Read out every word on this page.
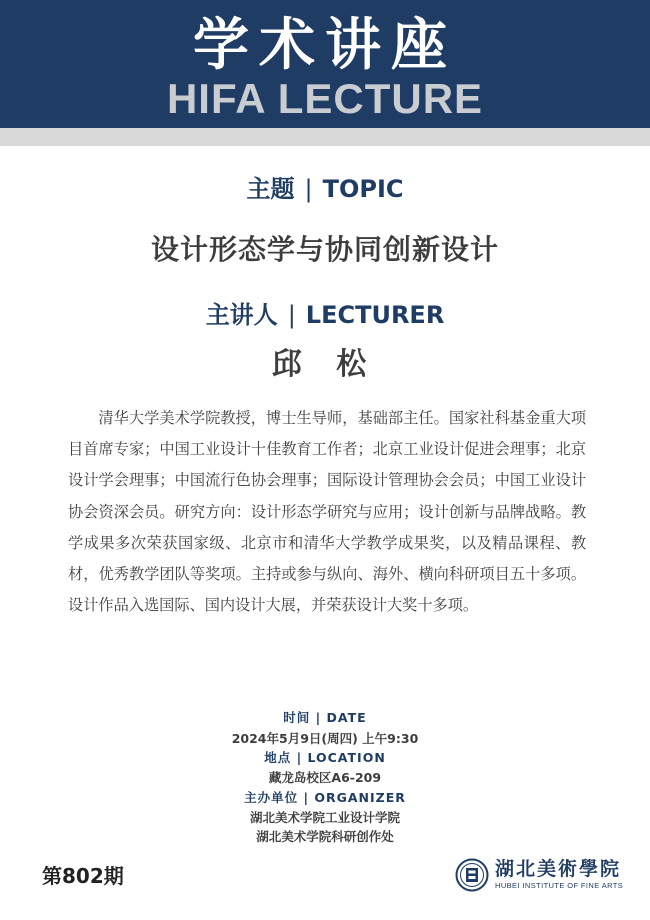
学术讲座
HIFA LECTURE
主题 | TOPIC
设计形态学与协同创新设计
主讲人 | LECTURER
邱 松

清华大学美术学院教授，博士生导师，基础部主任。国家社科基金重大项目首席专家；中国工业设计十佳教育工作者；北京工业设计促进会理事；北京设计学会理事；中国流行色协会理事；国际设计管理协会会员；中国工业设计协会资深会员。研究方向：设计形态学研究与应用；设计创新与品牌战略。教学成果多次荣获国家级、北京市和清华大学教学成果奖，以及精品课程、教材，优秀教学团队等奖项。主持或参与纵向、海外、横向科研项目五十多项。设计作品入选国际、国内设计大展，并荣获设计大奖十多项。

时间 | DATE
2024年5月9日(周四) 上午9:30
地点 | LOCATION
藏龙岛校区A6-209
主办单位 | ORGANIZER
湖北美术学院工业设计学院
湖北美术学院科研创作处
第802期	湖北美術學院
HUBEI INSTITUTE OF FINE ARTS
